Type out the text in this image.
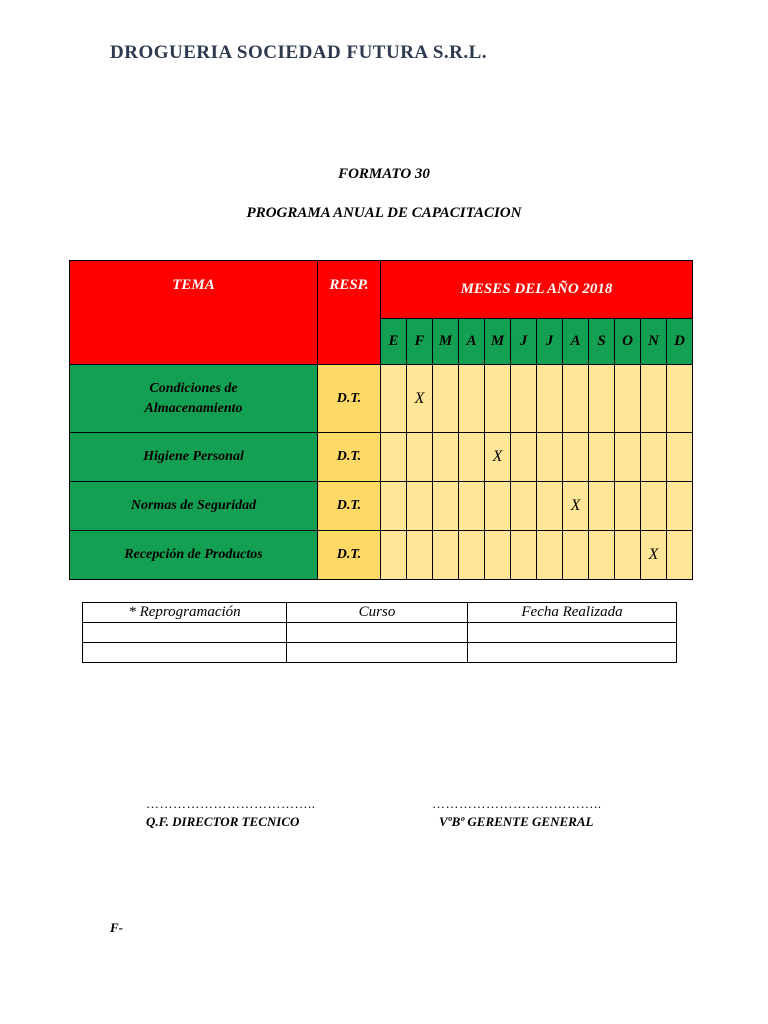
DROGUERIA SOCIEDAD FUTURA S.R.L.
FORMATO 30
PROGRAMA ANUAL DE CAPACITACION
TEMA	RESP.	MESES DEL AÑO 2018											
		E	F	M	A	M	J	J	A	S	O	N	D
Condiciones de Almacenamiento	D.T.		X										
Higiene Personal	D.T.					X							
Normas de Seguridad	D.T.								X				
Recepción de Productos	D.T.											X	
* Reprogramación	Curso	Fecha Realizada

………………………………..	………………………………..
Q.F. DIRECTOR TECNICO	VºBº GERENTE GENERAL
F-
